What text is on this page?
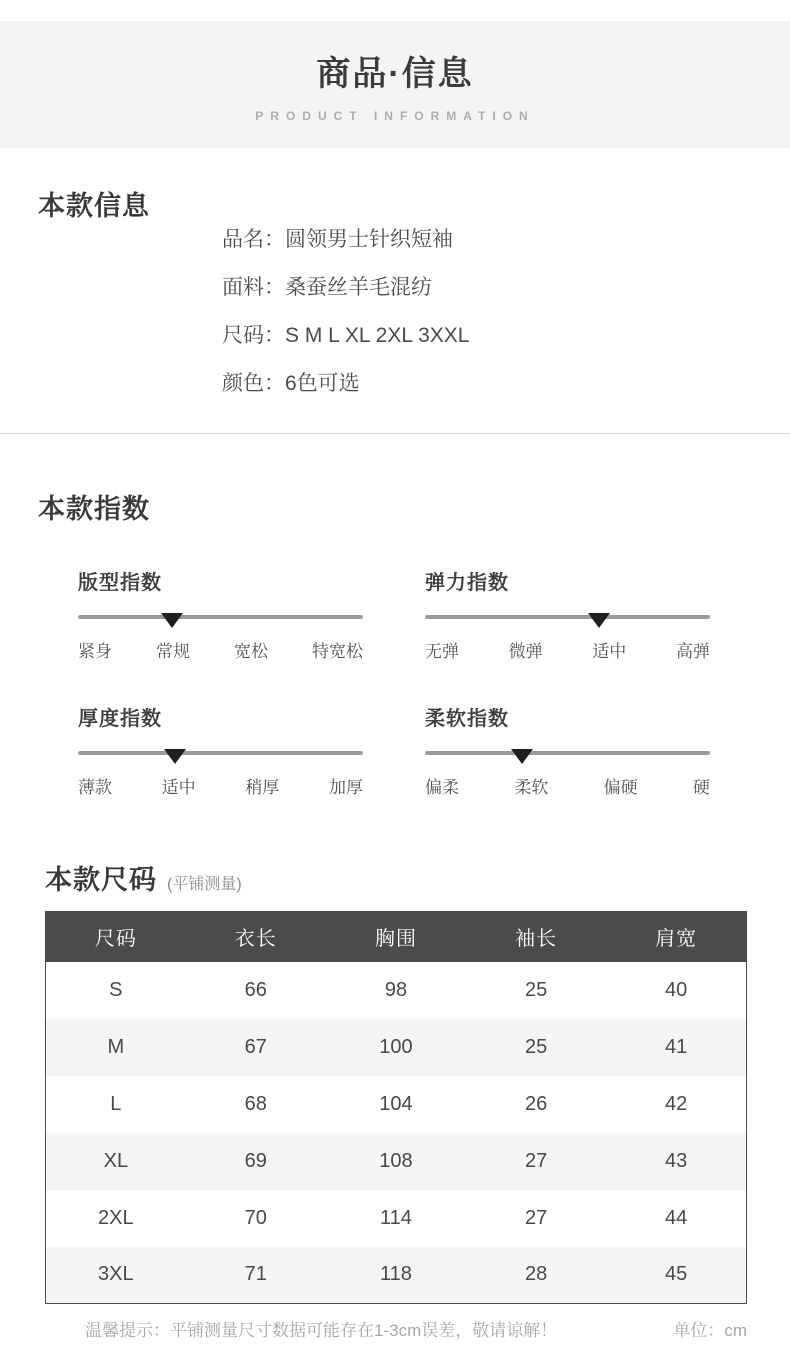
商品·信息
PRODUCT INFORMATION
本款信息
品名：圆领男士针织短袖
面料：桑蚕丝羊毛混纺
尺码：S M L XL 2XL 3XXL
颜色：6色可选
本款指数
版型指数
紧身	常规	宽松	特宽松
弹力指数
无弹	微弹	适中	高弹
厚度指数
薄款	适中	稍厚	加厚
柔软指数
偏柔	柔软	偏硬	硬
本款尺码 (平铺测量)
尺码	衣长	胸围	袖长	肩宽
S	66	98	25	40
M	67	100	25	41
L	68	104	26	42
XL	69	108	27	43
2XL	70	114	27	44
3XL	71	118	28	45
温馨提示：平铺测量尺寸数据可能存在1-3cm误差，敬请谅解！	单位：cm
